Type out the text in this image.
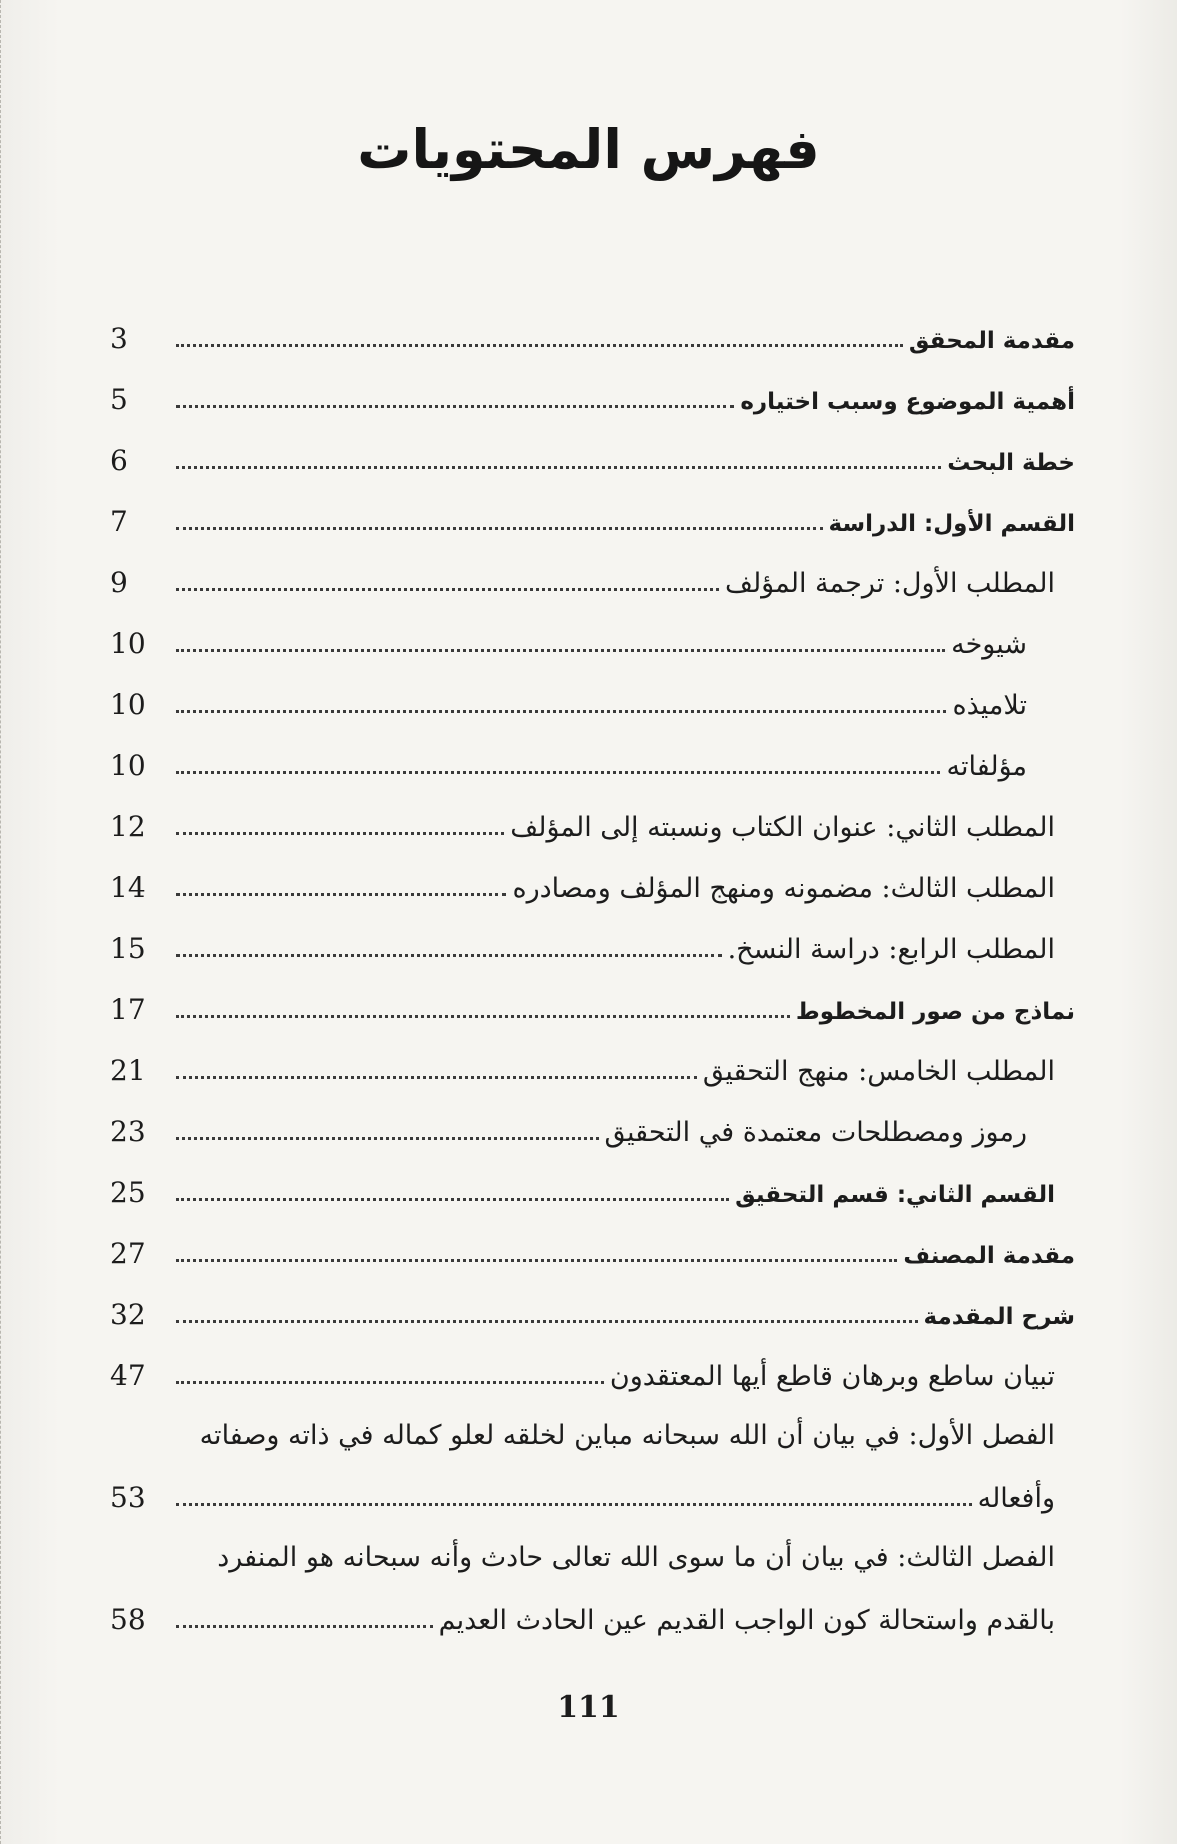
فهرس المحتويات
مقدمة المحقق
3
أهمية الموضوع وسبب اختياره
5
خطة البحث
6
القسم الأول: الدراسة
7
المطلب الأول: ترجمة المؤلف
9
شيوخه
10
تلاميذه
10
مؤلفاته
10
المطلب الثاني: عنوان الكتاب ونسبته إلى المؤلف
12
المطلب الثالث: مضمونه ومنهج المؤلف ومصادره
14
المطلب الرابع: دراسة النسخ.
15
نماذج من صور المخطوط
17
المطلب الخامس: منهج التحقيق
21
رموز ومصطلحات معتمدة في التحقيق
23
القسم الثاني: قسم التحقيق
25
مقدمة المصنف
27
شرح المقدمة
32
تبيان ساطع وبرهان قاطع أيها المعتقدون
47
الفصل الأول: في بيان أن الله سبحانه مباين لخلقه لعلو كماله في ذاته وصفاته
وأفعاله
53
الفصل الثالث: في بيان أن ما سوى الله تعالى حادث وأنه سبحانه هو المنفرد
بالقدم واستحالة كون الواجب القديم عين الحادث العديم
58
111
